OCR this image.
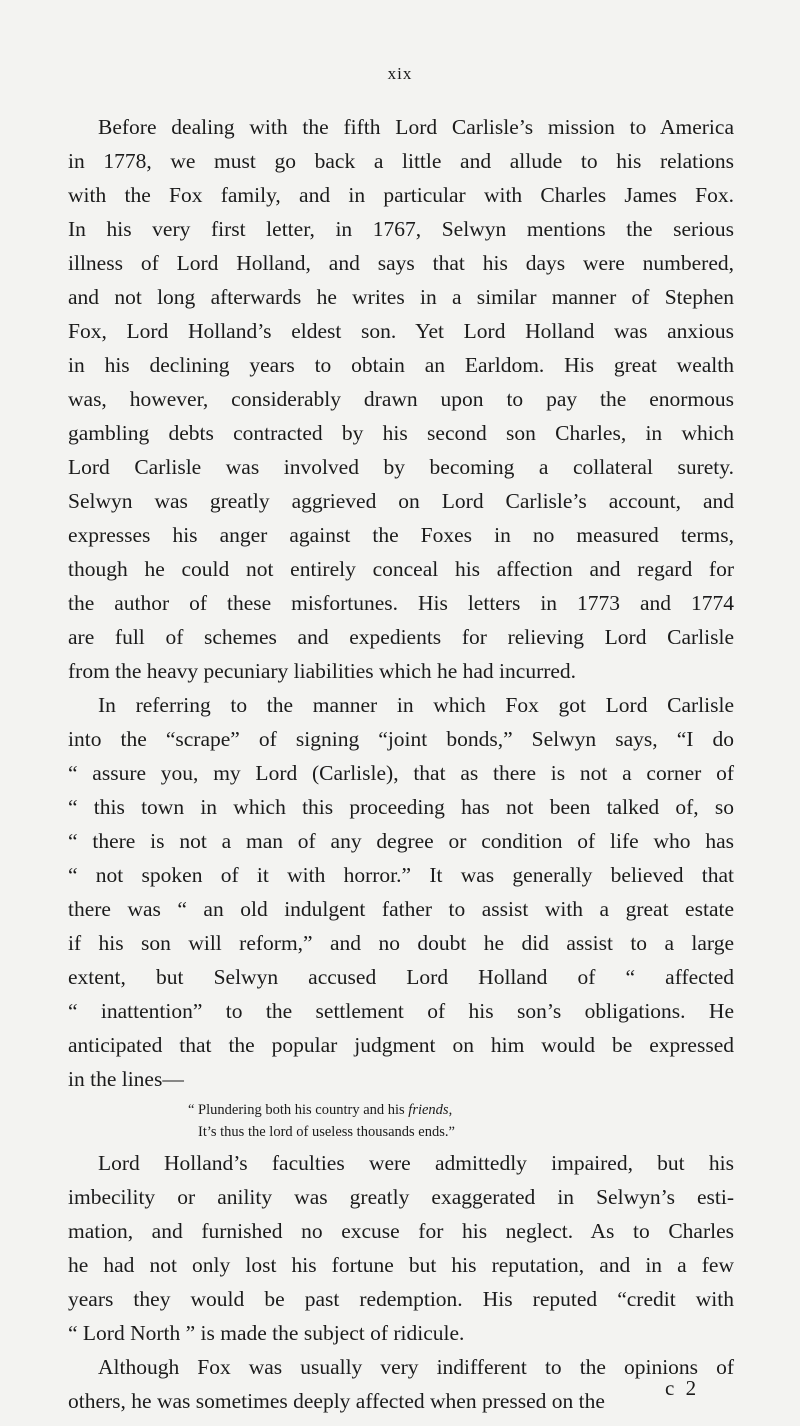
xix
Before dealing with the fifth Lord Carlisle’s mission to America
in 1778, we must go back a little and allude to his relations
with the Fox family, and in particular with Charles James Fox.
In his very first letter, in 1767, Selwyn mentions the serious
illness of Lord Holland, and says that his days were numbered,
and not long afterwards he writes in a similar manner of Stephen
Fox, Lord Holland’s eldest son. Yet Lord Holland was anxious
in his declining years to obtain an Earldom. His great wealth
was, however, considerably drawn upon to pay the enormous
gambling debts contracted by his second son Charles, in which
Lord Carlisle was involved by becoming a collateral surety.
Selwyn was greatly aggrieved on Lord Carlisle’s account, and
expresses his anger against the Foxes in no measured terms,
though he could not entirely conceal his affection and regard for
the author of these misfortunes. His letters in 1773 and 1774
are full of schemes and expedients for relieving Lord Carlisle
from the heavy pecuniary liabilities which he had incurred.
In referring to the manner in which Fox got Lord Carlisle
into the “scrape” of signing “joint bonds,” Selwyn says, “I do
“ assure you, my Lord (Carlisle), that as there is not a corner of
“ this town in which this proceeding has not been talked of, so
“ there is not a man of any degree or condition of life who has
“ not spoken of it with horror.” It was generally believed that
there was “ an old indulgent father to assist with a great estate
if his son will reform,” and no doubt he did assist to a large
extent, but Selwyn accused Lord Holland of “ affected
“ inattention” to the settlement of his son’s obligations. He
anticipated that the popular judgment on him would be expressed
in the lines—
“ Plundering both his country and his friends,
It’s thus the lord of useless thousands ends.”
Lord Holland’s faculties were admittedly impaired, but his
imbecility or anility was greatly exaggerated in Selwyn’s esti-
mation, and furnished no excuse for his neglect. As to Charles
he had not only lost his fortune but his reputation, and in a few
years they would be past redemption. His reputed “credit with
“ Lord North ” is made the subject of ridicule.
Although Fox was usually very indifferent to the opinions of
others, he was sometimes deeply affected when pressed on the
c 2
